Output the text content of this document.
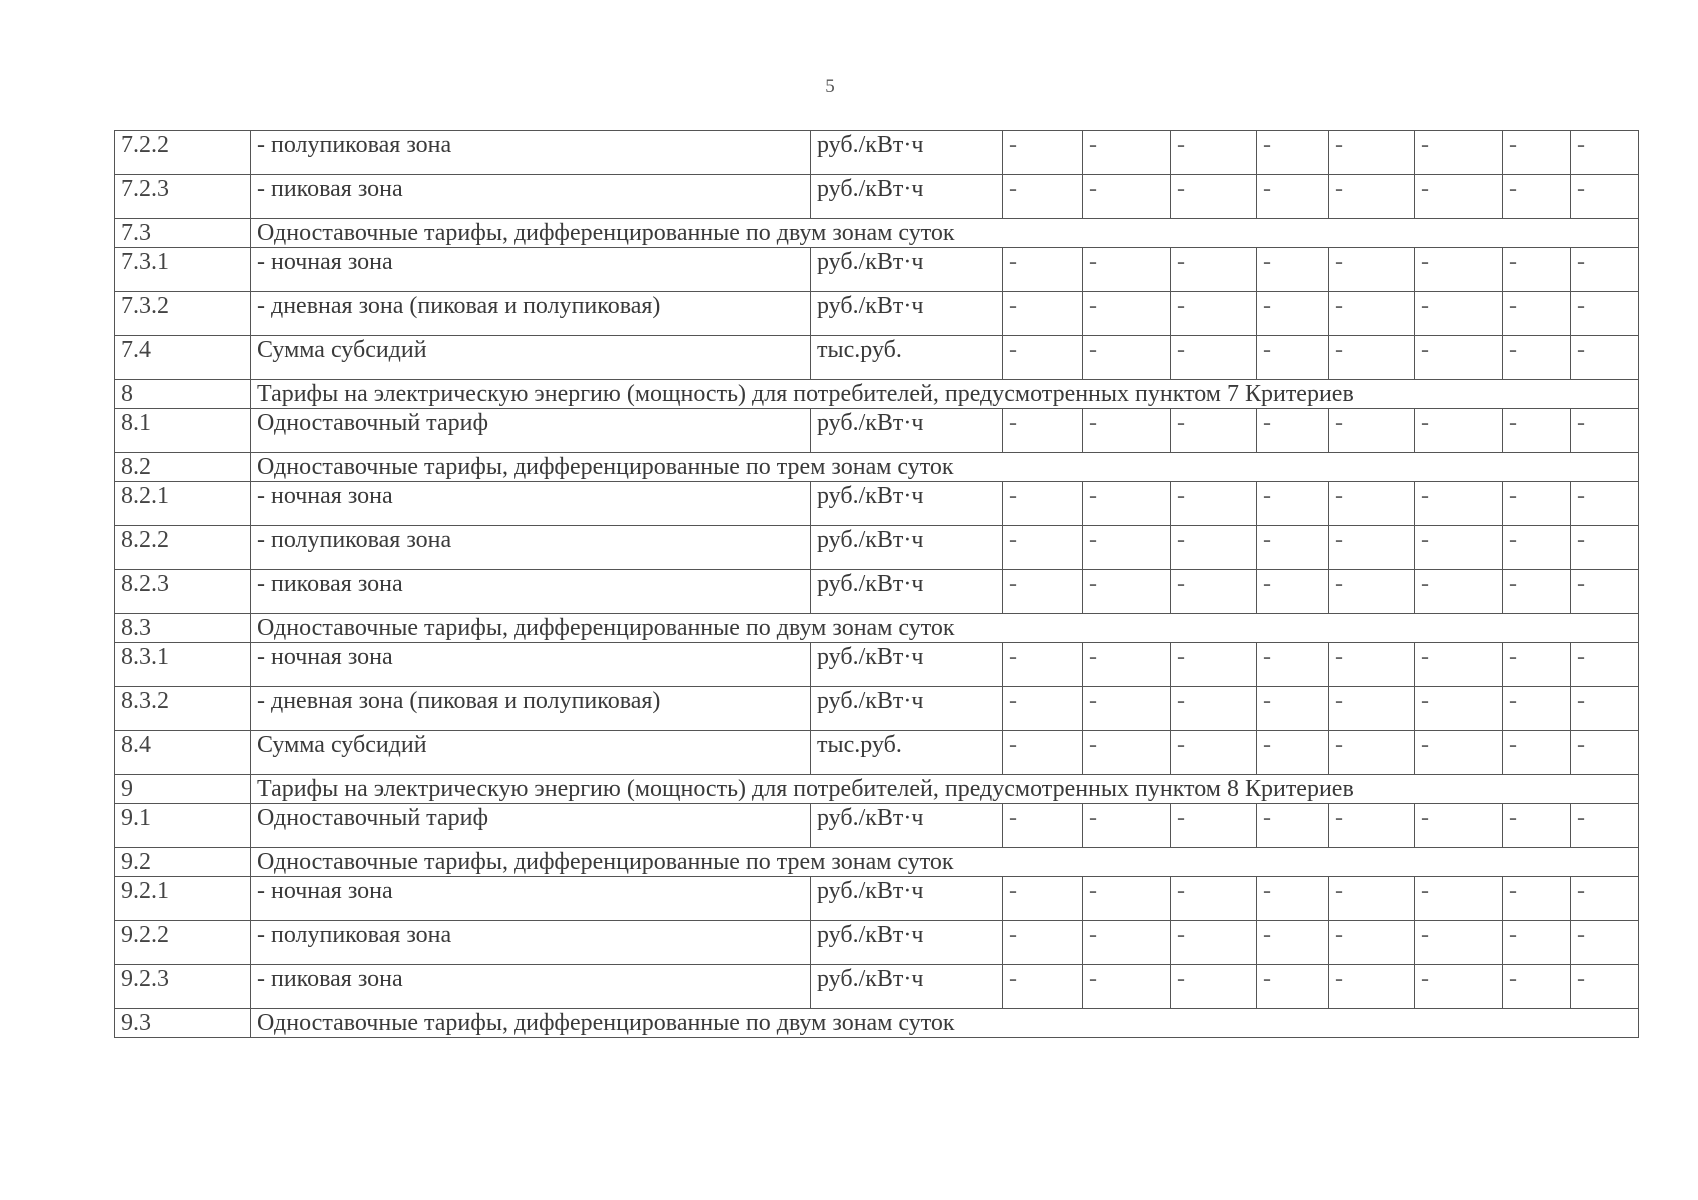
5
7.2.2	- полупиковая зона	руб./кВт·ч	-	-	-	-	-	-	-	-
7.2.3	- пиковая зона	руб./кВт·ч	-	-	-	-	-	-	-	-
7.3	Одноставочные тарифы, дифференцированные по двум зонам суток									
7.3.1	- ночная зона	руб./кВт·ч	-	-	-	-	-	-	-	-
7.3.2	- дневная зона (пиковая и полупиковая)	руб./кВт·ч	-	-	-	-	-	-	-	-
7.4	Сумма субсидий	тыс.руб.	-	-	-	-	-	-	-	-
8	Тарифы на электрическую энергию (мощность) для потребителей, предусмотренных пунктом 7 Критериев									
8.1	Одноставочный тариф	руб./кВт·ч	-	-	-	-	-	-	-	-
8.2	Одноставочные тарифы, дифференцированные по трем зонам суток									
8.2.1	- ночная зона	руб./кВт·ч	-	-	-	-	-	-	-	-
8.2.2	- полупиковая зона	руб./кВт·ч	-	-	-	-	-	-	-	-
8.2.3	- пиковая зона	руб./кВт·ч	-	-	-	-	-	-	-	-
8.3	Одноставочные тарифы, дифференцированные по двум зонам суток									
8.3.1	- ночная зона	руб./кВт·ч	-	-	-	-	-	-	-	-
8.3.2	- дневная зона (пиковая и полупиковая)	руб./кВт·ч	-	-	-	-	-	-	-	-
8.4	Сумма субсидий	тыс.руб.	-	-	-	-	-	-	-	-
9	Тарифы на электрическую энергию (мощность) для потребителей, предусмотренных пунктом 8 Критериев									
9.1	Одноставочный тариф	руб./кВт·ч	-	-	-	-	-	-	-	-
9.2	Одноставочные тарифы, дифференцированные по трем зонам суток									
9.2.1	- ночная зона	руб./кВт·ч	-	-	-	-	-	-	-	-
9.2.2	- полупиковая зона	руб./кВт·ч	-	-	-	-	-	-	-	-
9.2.3	- пиковая зона	руб./кВт·ч	-	-	-	-	-	-	-	-
9.3	Одноставочные тарифы, дифференцированные по двум зонам суток									
